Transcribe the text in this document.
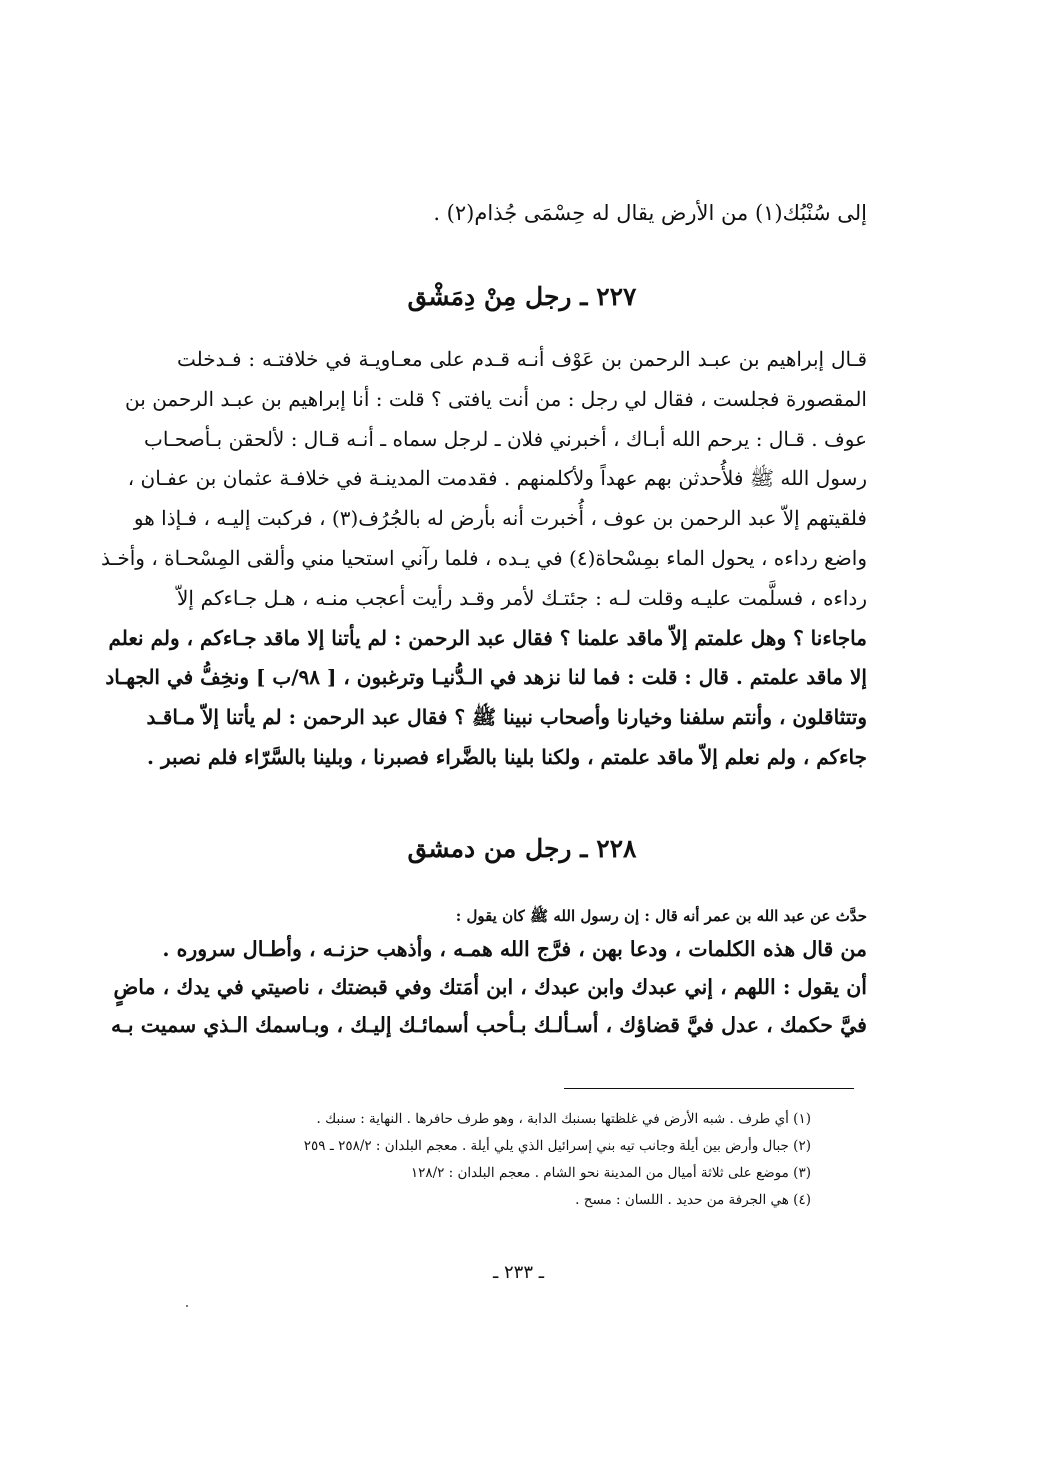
إلى سُنْبُك(١) من الأرض يقال له حِسْمَى جُذام(٢) .
٢٢٧ ـ رجل مِنْ دِمَشْق
قـال إبراهيم بن عبـد الرحمن بن عَوْف أنـه قـدم على معـاويـة في خلافتـه : فـدخلت
المقصورة فجلست ، فقال لي رجل : من أنت يافتى ؟ قلت : أنا إبراهيم بن عبـد الرحمن بن
عوف . قـال : يرحم الله أبـاك ، أخبرني فلان ـ لرجل سماه ـ أنـه قـال : لألحقن بـأصحـاب
رسول الله ﷺ فلأُحدثن بهم عهداً ولأكلمنهم . فقدمت المدينـة في خلافـة عثمان بن عفـان ،
فلقيتهم إلاّ عبد الرحمن بن عوف ، أُخبرت أنه بأرض له بالجُرُف(٣) ، فركبت إليـه ، فـإذا هو
واضع رداءه ، يحول الماء بمِسْحاة(٤) في يـده ، فلما رآني استحيا مني وألقى المِسْحـاة ، وأخـذ
رداءه ، فسلَّمت عليـه وقلت لـه : جئتـك لأمر وقـد رأيت أعجب منـه ، هـل جـاءكم إلاّ
ماجاءنا ؟ وهل علمتم إلاّ ماقد علمنا ؟ فقال عبد الرحمن : لم يأتنا إلا ماقد جـاءكم ، ولم نعلم
إلا ماقد علمتم . قال : قلت : فما لنا نزهد في الـدُّنيـا وترغبون ، [ ٩٨/ب ] ونخِفُّ في الجهـاد
وتتثاقلون ، وأنتم سلفنا وخيارنا وأصحاب نبينا ﷺ ؟ فقال عبد الرحمن : لم يأتنا إلاّ مـاقـد
جاءكم ، ولم نعلم إلاّ ماقد علمتم ، ولكنا بلينا بالضَّراء فصبرنا ، وبلينا بالسَّرّاء فلم نصبر .
٢٢٨ ـ رجل من دمشق
حدَّث عن عبد الله بن عمر أنه قال : إن رسول الله ﷺ كان يقول :
من قال هذه الكلمات ، ودعا بهن ، فرَّج الله همـه ، وأذهب حزنـه ، وأطـال سروره .
أن يقول : اللهم ، إني عبدك وابن عبدك ، ابن أمَتك وفي قبضتك ، ناصيتي في يدك ، ماضٍ
فيَّ حكمك ، عدل فيَّ قضاؤك ، أسـألـك بـأحب أسمائـك إليـك ، وبـاسمك الـذي سميت بـه
(١) أي طرف . شبه الأرض في غلظتها بسنبك الدابة ، وهو طرف حافرها . النهاية : سنبك .
(٢) جبال وأرض بين أيلة وجانب تيه بني إسرائيل الذي يلي أيلة . معجم البلدان : ٢٥٨/٢ ـ ٢٥٩
(٣) موضع على ثلاثة أميال من المدينة نحو الشام . معجم البلدان : ١٢٨/٢
(٤) هي الجرفة من حديد . اللسان : مسح .
ـ ٢٣٣ ـ
